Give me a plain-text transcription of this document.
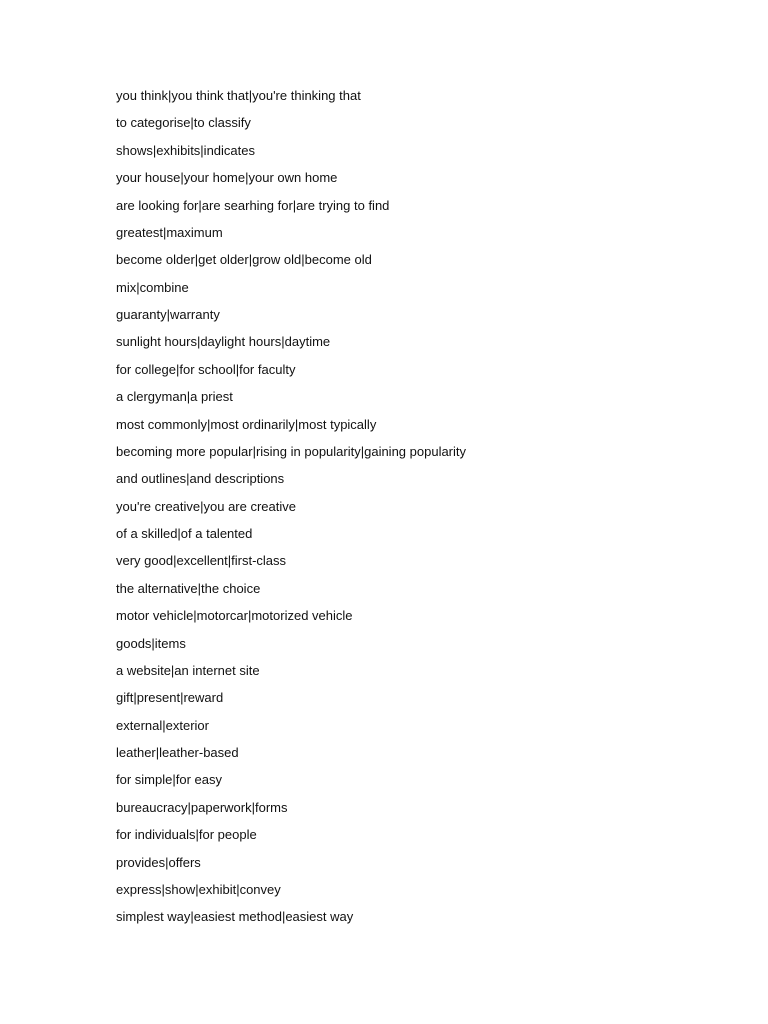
you think|you think that|you're thinking that
to categorise|to classify
shows|exhibits|indicates
your house|your home|your own home
are looking for|are searhing for|are trying to find
greatest|maximum
become older|get older|grow old|become old
mix|combine
guaranty|warranty
sunlight hours|daylight hours|daytime
for college|for school|for faculty
a clergyman|a priest
most commonly|most ordinarily|most typically
becoming more popular|rising in popularity|gaining popularity
and outlines|and descriptions
you're creative|you are creative
of a skilled|of a talented
very good|excellent|first-class
the alternative|the choice
motor vehicle|motorcar|motorized vehicle
goods|items
a website|an internet site
gift|present|reward
external|exterior
leather|leather-based
for simple|for easy
bureaucracy|paperwork|forms
for individuals|for people
provides|offers
express|show|exhibit|convey
simplest way|easiest method|easiest way
